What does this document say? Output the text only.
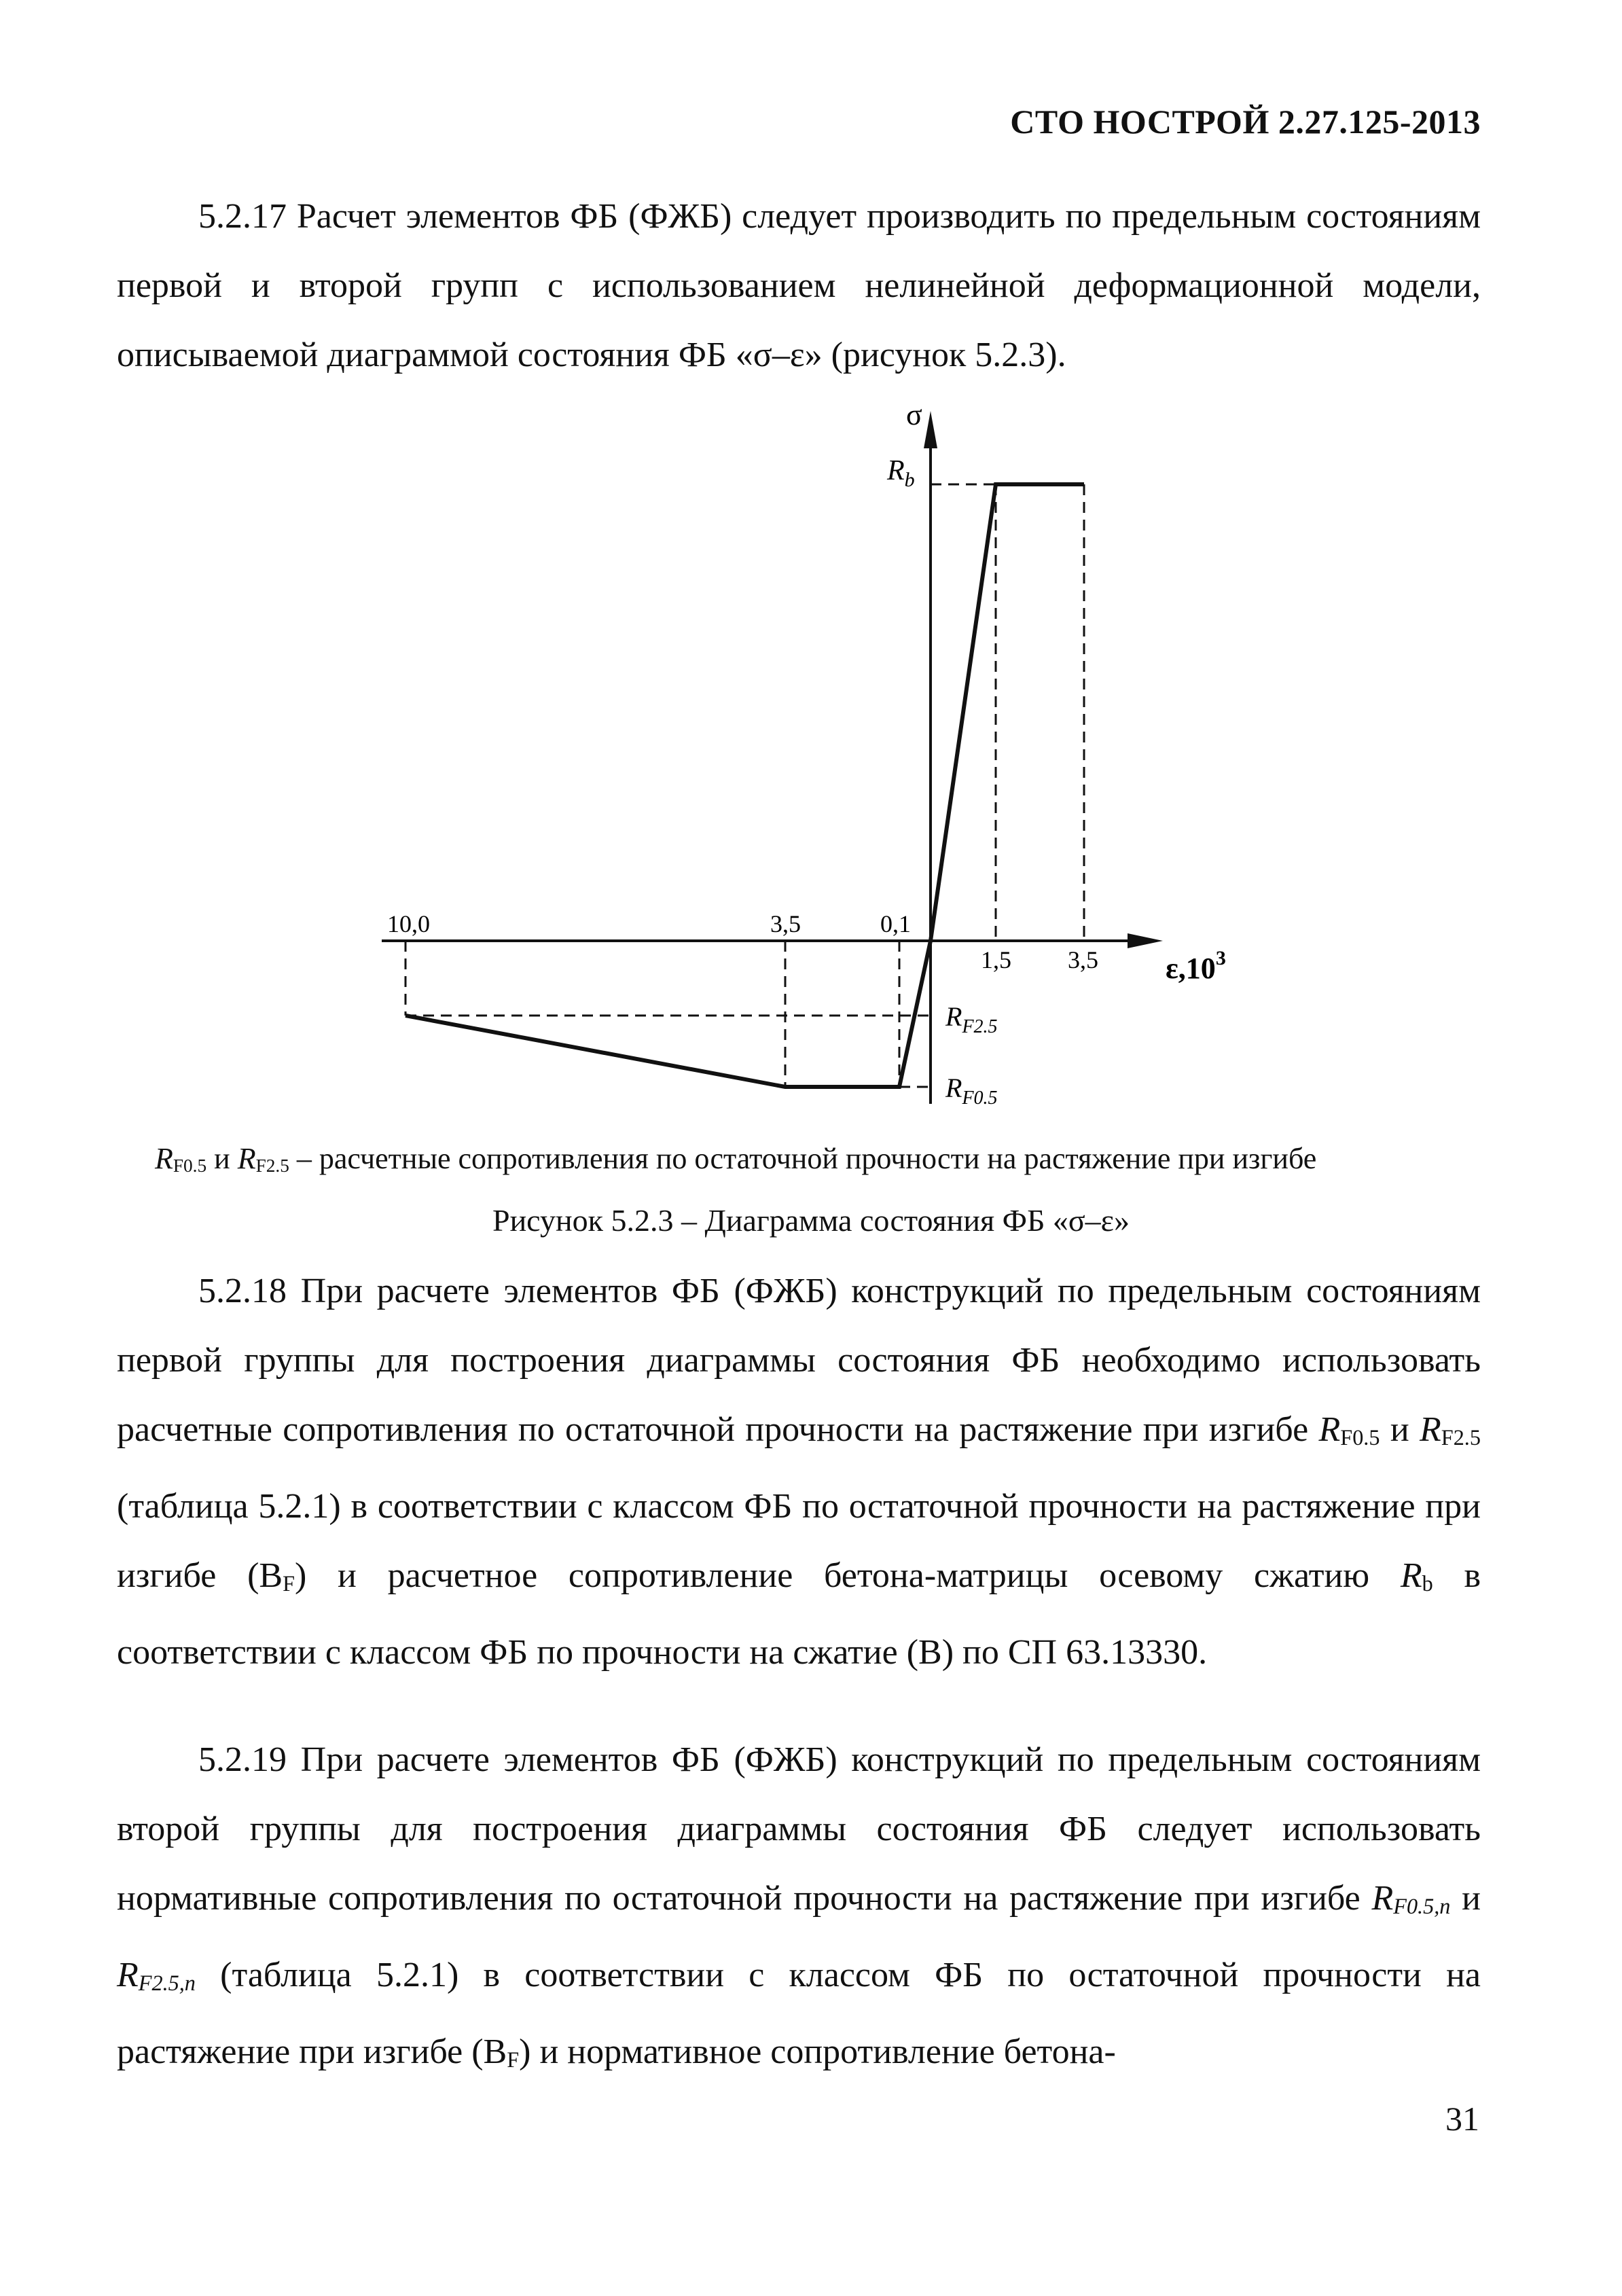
СТО НОСТРОЙ 2.27.125-2013
5.2.17 Расчет элементов ФБ (ФЖБ) следует производить по предельным состояниям первой и второй групп с использованием нелинейной деформационной модели, описываемой диаграммой состояния ФБ «σ–ε» (рисунок 5.2.3).
σ
$R_b$
$\varepsilon,10^3$
10,0	3,5	0,1
1,5 3,5
$R_{F2.5}$
$R_{F0.5}$
$R_{F0.5}$ и $R_{F2.5}$ – расчетные сопротивления по остаточной прочности на растяжение при изгибе
Рисунок 5.2.3 – Диаграмма состояния ФБ «σ–ε»
5.2.18 При расчете элементов ФБ (ФЖБ) конструкций по предельным состояниям первой группы для построения диаграммы состояния ФБ необходимо использовать расчетные сопротивления по остаточной прочности на растяжение при изгибе $R_{F0.5}$ и $R_{F2.5}$ (таблица 5.2.1) в соответствии с классом ФБ по остаточной прочности на растяжение при изгибе $(В_F)$ и расчетное сопротивление бетона-матрицы осевому сжатию $R_b$ в соответствии с классом ФБ по прочности на сжатие (В) по СП 63.13330.
5.2.19 При расчете элементов ФБ (ФЖБ) конструкций по предельным состояниям второй группы для построения диаграммы состояния ФБ следует использовать нормативные сопротивления по остаточной прочности на растяжение при изгибе $R_{F0.5,n}$ и $R_{F2.5,n}$ (таблица 5.2.1) в соответствии с классом ФБ по остаточной прочности на растяжение при изгибе $(В_F)$ и нормативное сопротивление бетона-
31
